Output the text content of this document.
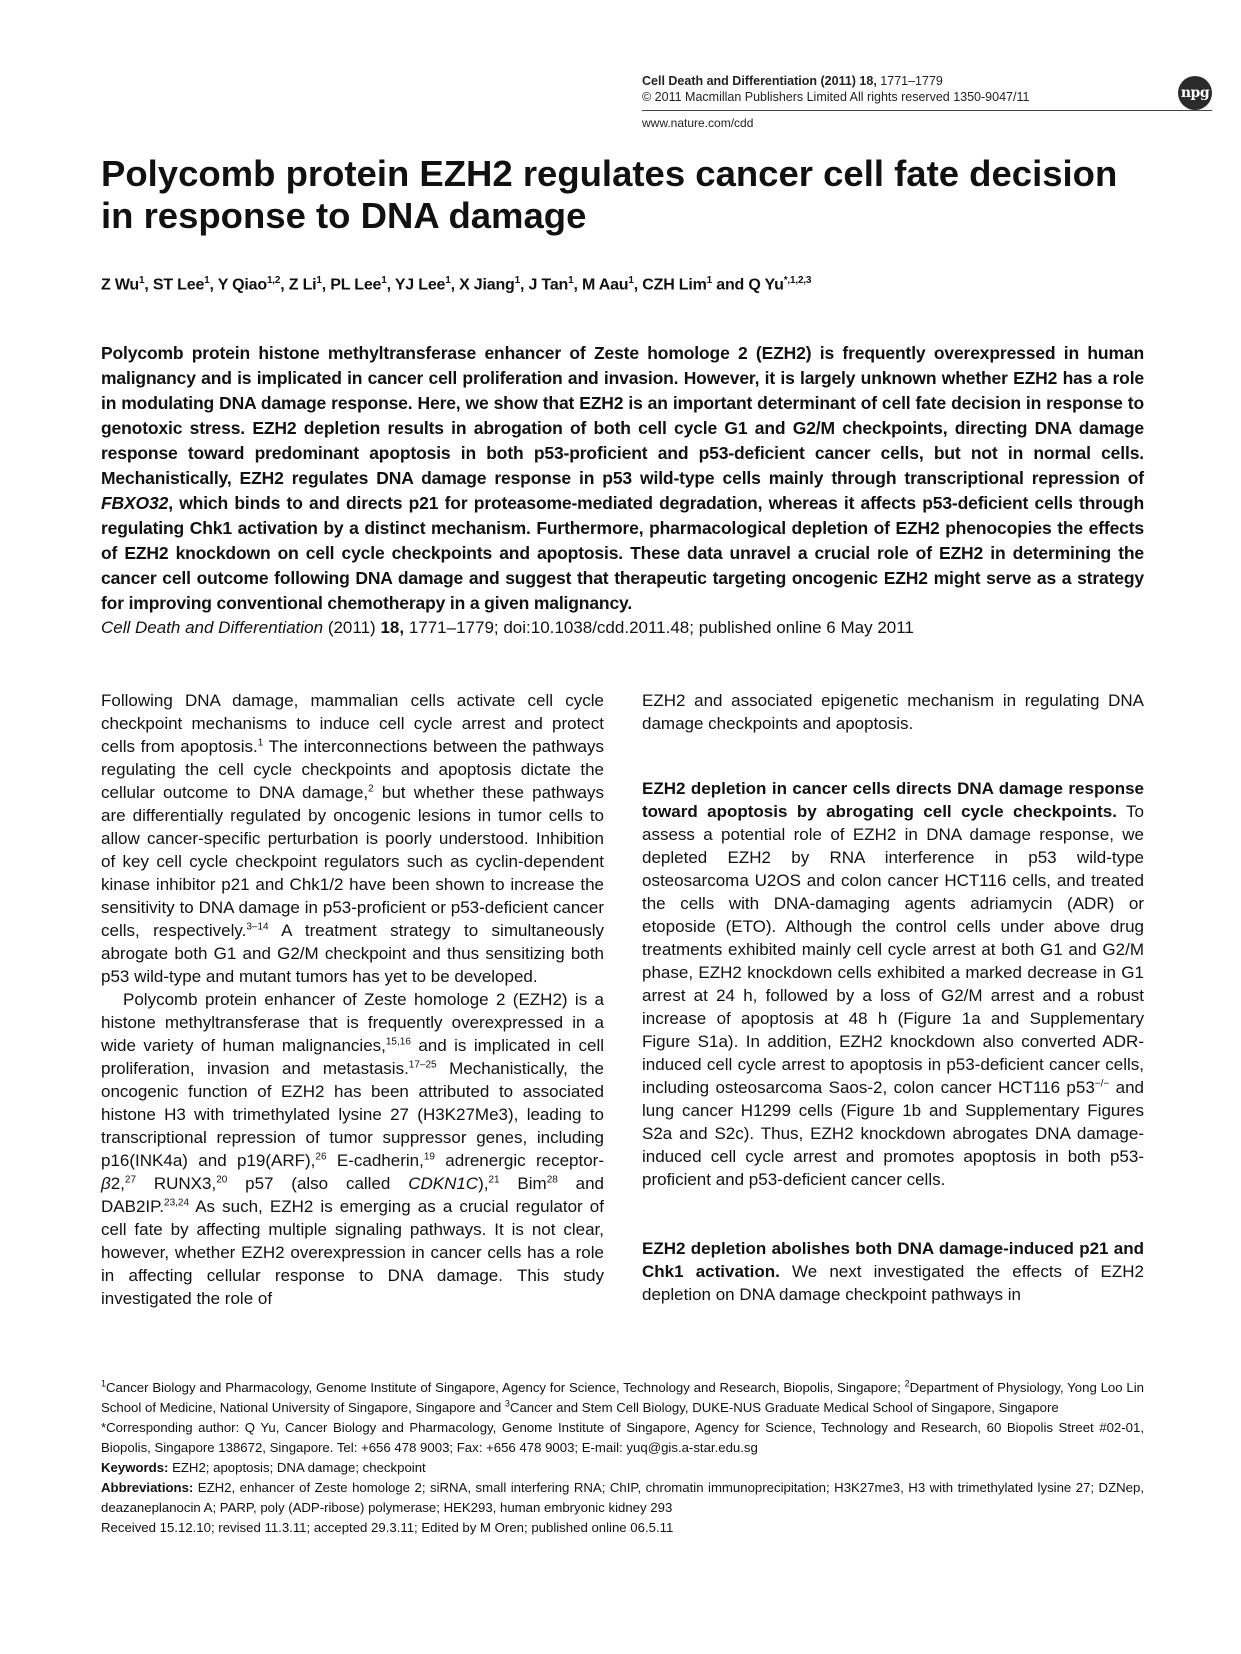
Cell Death and Differentiation (2011) 18, 1771–1779
© 2011 Macmillan Publishers Limited All rights reserved 1350-9047/11
www.nature.com/cdd
npg
Polycomb protein EZH2 regulates cancer cell fate decision in response to DNA damage
Z Wu$^1$, ST Lee$^1$, Y Qiao$^{1,2}$, Z Li$^1$, PL Lee$^1$, YJ Lee$^1$, X Jiang$^1$, J Tan$^1$, M Aau$^1$, CZH Lim$^1$ and Q $Yu^{*,1,2,3}$

Polycomb protein histone methyltransferase enhancer of Zeste homologe 2 (EZH2) is frequently overexpressed in human malignancy and is implicated in cancer cell proliferation and invasion. However, it is largely unknown whether EZH2 has a role in modulating DNA damage response. Here, we show that EZH2 is an important determinant of cell fate decision in response to genotoxic stress. EZH2 depletion results in abrogation of both cell cycle G1 and G2/M checkpoints, directing DNA damage response toward predominant apoptosis in both p53-proficient and p53-deficient cancer cells, but not in normal cells. Mechanistically, EZH2 regulates DNA damage response in p53 wild-type cells mainly through transcriptional repression of FBXO32, which binds to and directs p21 for proteasome-mediated degradation, whereas it affects p53-deficient cells through regulating Chk1 activation by a distinct mechanism. Furthermore, pharmacological depletion of EZH2 phenocopies the effects of EZH2 knockdown on cell cycle checkpoints and apoptosis. These data unravel a crucial role of EZH2 in determining the cancer cell outcome following DNA damage and suggest that therapeutic targeting oncogenic EZH2 might serve as a strategy for improving conventional chemotherapy in a given malignancy.

Cell Death and Differentiation (2011) 18, 1771–1779; doi:10.1038/cdd.2011.48; published online 6 May 2011

Following DNA damage, mammalian cells activate cell cycle checkpoint mechanisms to induce cell cycle arrest and protect cells from apoptosis.$^1$ The interconnections between the pathways regulating the cell cycle checkpoints and apoptosis dictate the cellular outcome to DNA damage,$^2$ but whether these pathways are differentially regulated by oncogenic lesions in tumor cells to allow cancer-specific perturbation is poorly understood. Inhibition of key cell cycle checkpoint regulators such as cyclin-dependent kinase inhibitor p21 and Chk1/2 have been shown to increase the sensitivity to DNA damage in p53-proficient or p53-deficient cancer cells, respectively.$^{3-14}$ A treatment strategy to simultaneously abrogate both G1 and G2/M checkpoint and thus sensitizing both p53 wild-type and mutant tumors has yet to be developed.

Polycomb protein enhancer of Zeste homologe 2 (EZH2) is a histone methyltransferase that is frequently overexpressed in a wide variety of human malignancies,$^{15,16}$ and is implicated in cell proliferation, invasion and metastasis.$^{17-25}$ Mechanistically, the oncogenic function of EZH2 has been attributed to associated histone H3 with trimethylated lysine 27 (H3K27Me3), leading to transcriptional repression of tumor suppressor genes, including p16(INK4a) and p19(ARF),$^{26}$ E-cadherin,$^{19}$ adrenergic receptor-β2,27 RUNX3,20 p57 (also called CDKN1C),$^{21}$ Bim$^{28}$ and DAB2IP.$^{23,24}$ As such, EZH2 is emerging as a crucial regulator of cell fate by affecting multiple signaling pathways. It is not clear, however, whether EZH2 overexpression in cancer cells has a role in affecting cellular response to DNA damage. This study investigated the role of

EZH2 and associated epigenetic mechanism in regulating DNA damage checkpoints and apoptosis.

EZH2 depletion in cancer cells directs DNA damage response toward apoptosis by abrogating cell cycle checkpoints. To assess a potential role of EZH2 in DNA damage response, we depleted EZH2 by RNA interference in p53 wild-type osteosarcoma U2OS and colon cancer HCT116 cells, and treated the cells with DNA-damaging agents adriamycin (ADR) or etoposide (ETO). Although the control cells under above drug treatments exhibited mainly cell cycle arrest at both G1 and G2/M phase, EZH2 knockdown cells exhibited a marked decrease in G1 arrest at 24 h, followed by a loss of G2/M arrest and a robust increase of apoptosis at 48 h (Figure 1a and Supplementary Figure S1a). In addition, EZH2 knockdown also converted ADR-induced cell cycle arrest to apoptosis in p53-deficient cancer cells, including osteosarcoma Saos-2, colon cancer HCT116 p53−/− and lung cancer H1299 cells (Figure 1b and Supplementary Figures S2a and S2c). Thus, EZH2 knockdown abrogates DNA damage-induced cell cycle arrest and promotes apoptosis in both p53-proficient and p53-deficient cancer cells.

EZH2 depletion abolishes both DNA damage-induced p21 and Chk1 activation. We next investigated the effects of EZH2 depletion on DNA damage checkpoint pathways in

$^1$Cancer Biology and Pharmacology, Genome Institute of Singapore, Agency for Science, Technology and Research, Biopolis, Singapore; $^2$Department of Physiology, Yong Loo Lin School of Medicine, National University of Singapore, Singapore and $^3$Cancer and Stem Cell Biology, DUKE-NUS Graduate Medical School of Singapore, Singapore

*Corresponding author: Q Yu, Cancer Biology and Pharmacology, Genome Institute of Singapore, Agency for Science, Technology and Research, 60 Biopolis Street #02-01, Biopolis, Singapore 138672, Singapore. Tel: +656 478 9003; Fax: +656 478 9003; E-mail: yuq@gis.a-star.edu.sg

Keywords: EZH2; apoptosis; DNA damage; checkpoint

Abbreviations: EZH2, enhancer of Zeste homologe 2; siRNA, small interfering RNA; ChIP, chromatin immunoprecipitation; H3K27me3, H3 with trimethylated lysine 27; DZNep, deazaneplanocin A; PARP, poly (ADP-ribose) polymerase; HEK293, human embryonic kidney 293

Received 15.12.10; revised 11.3.11; accepted 29.3.11; Edited by M Oren; published online 06.5.11
